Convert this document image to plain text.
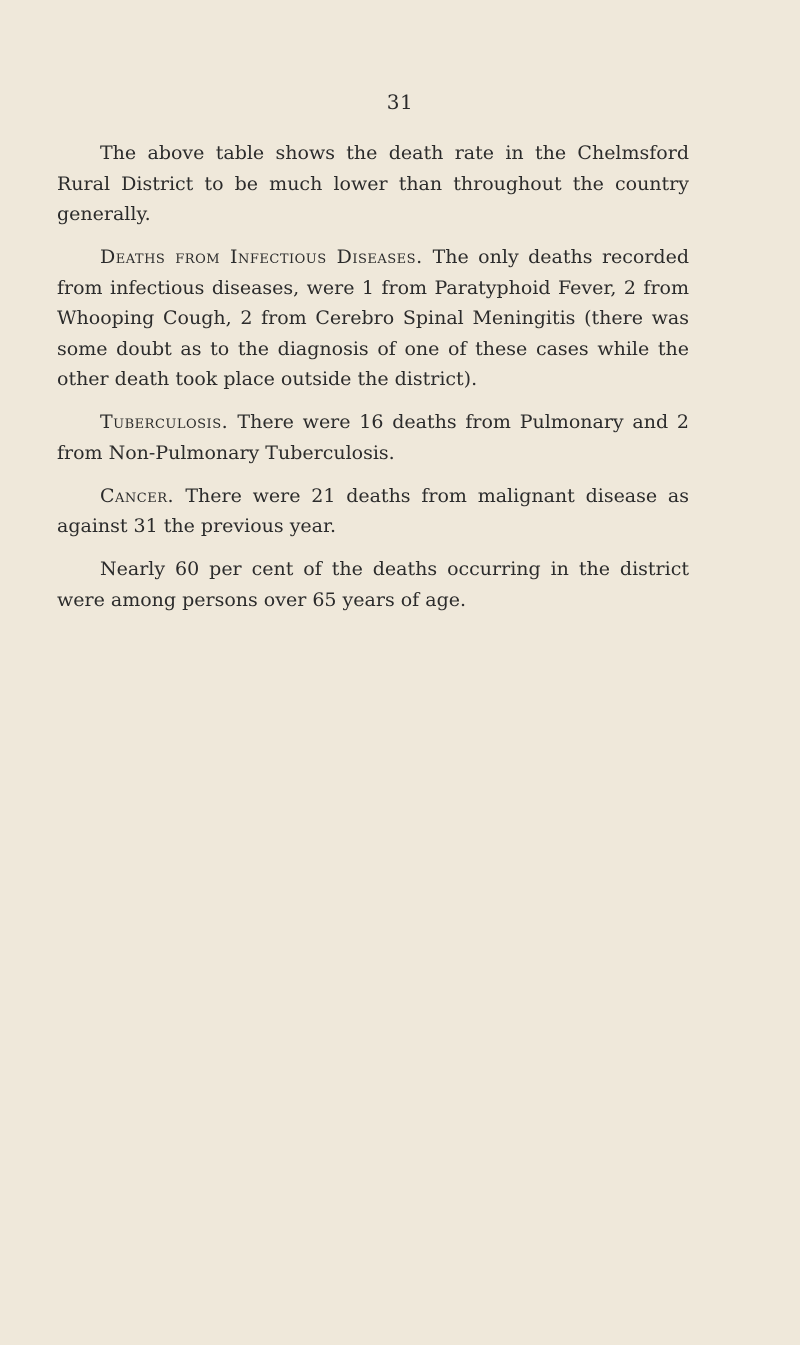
31

The above table shows the death rate in the Chelmsford Rural District to be much lower than throughout the country generally.

Deaths from Infectious Diseases. The only deaths recorded from infectious diseases, were 1 from Paratyphoid Fever, 2 from Whooping Cough, 2 from Cerebro Spinal Meningitis (there was some doubt as to the diagnosis of one of these cases while the other death took place outside the district).

Tuberculosis. There were 16 deaths from Pulmonary and 2 from Non-Pulmonary Tuberculosis.

Cancer. There were 21 deaths from malignant disease as against 31 the previous year.

Nearly 60 per cent of the deaths occurring in the district were among persons over 65 years of age.
